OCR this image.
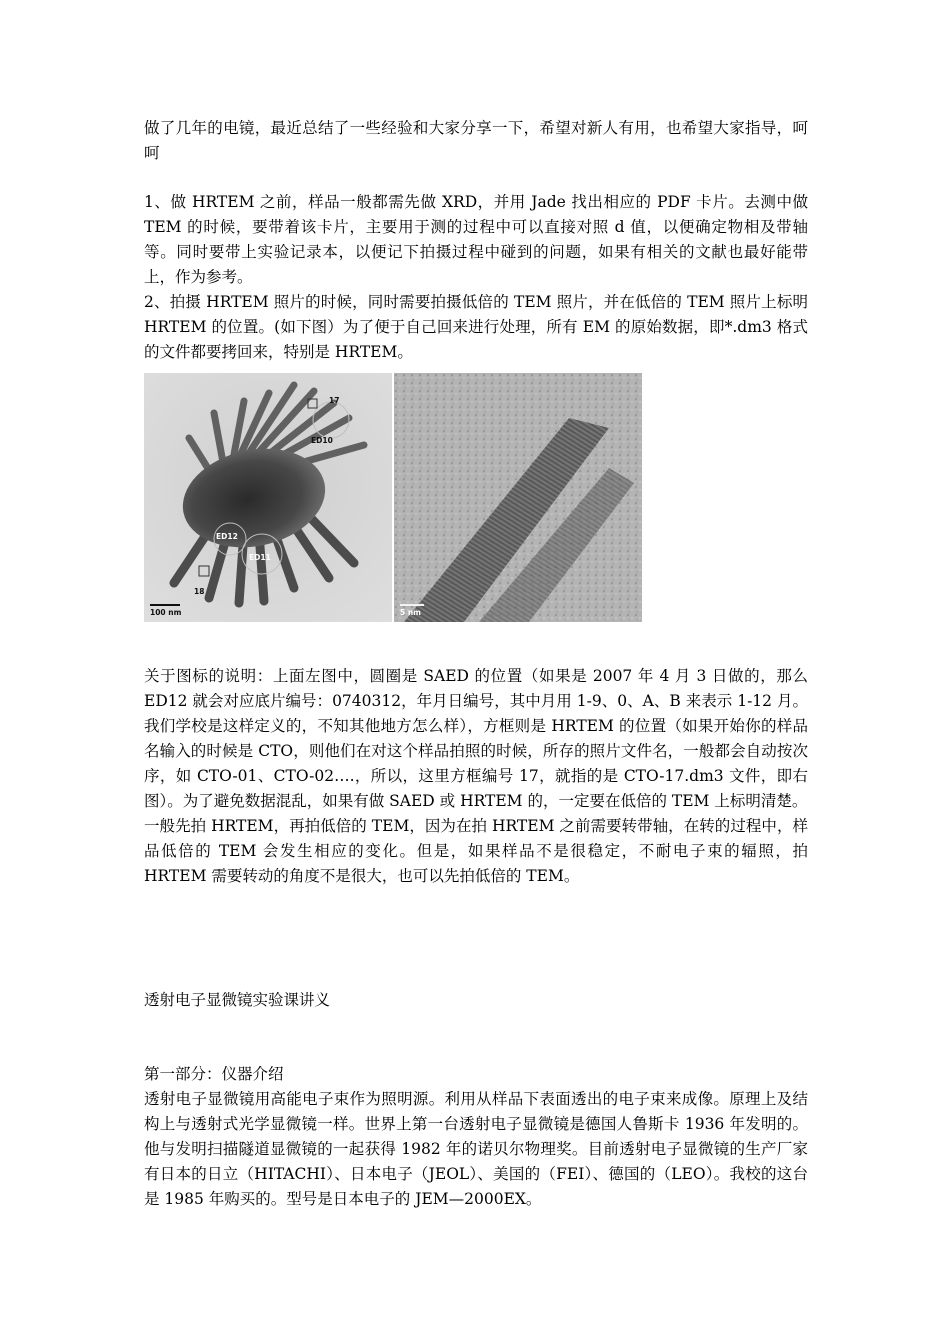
做了几年的电镜，最近总结了一些经验和大家分享一下，希望对新人有用，也希望大家指导，呵呵

1、做 HRTEM 之前，样品一般都需先做 XRD，并用 Jade 找出相应的 PDF 卡片。去测中做 TEM 的时候，要带着该卡片，主要用于测的过程中可以直接对照 d 值，以便确定物相及带轴等。同时要带上实验记录本，以便记下拍摄过程中碰到的问题，如果有相关的文献也最好能带上，作为参考。

2、拍摄 HRTEM 照片的时候，同时需要拍摄低倍的 TEM 照片，并在低倍的 TEM 照片上标明 HRTEM 的位置。(如下图）为了便于自己回来进行处理，所有 EM 的原始数据，即*.dm3 格式的文件都要拷回来，特别是 HRTEM。

17
ED10
ED12
ED11
18
100 nm	5 nm

关于图标的说明：上面左图中，圆圈是 SAED 的位置（如果是 2007 年 4 月 3 日做的，那么 ED12 就会对应底片编号：0740312，年月日编号，其中月用 1-9、0、A、B 来表示 1-12 月。我们学校是这样定义的，不知其他地方怎么样），方框则是 HRTEM 的位置（如果开始你的样品名输入的时候是 CTO，则他们在对这个样品拍照的时候，所存的照片文件名，一般都会自动按次序，如 CTO-01、CTO-02….，所以，这里方框编号 17，就指的是 CTO-17.dm3 文件，即右图）。为了避免数据混乱，如果有做 SAED 或 HRTEM 的，一定要在低倍的 TEM 上标明清楚。

一般先拍 HRTEM，再拍低倍的 TEM，因为在拍 HRTEM 之前需要转带轴，在转的过程中，样品低倍的 TEM 会发生相应的变化。但是，如果样品不是很稳定，不耐电子束的辐照，拍 HRTEM 需要转动的角度不是很大，也可以先拍低倍的 TEM。

透射电子显微镜实验课讲义

第一部分：仪器介绍

透射电子显微镜用高能电子束作为照明源。利用从样品下表面透出的电子束来成像。原理上及结构上与透射式光学显微镜一样。世界上第一台透射电子显微镜是德国人鲁斯卡 1936 年发明的。他与发明扫描隧道显微镜的一起获得 1982 年的诺贝尔物理奖。目前透射电子显微镜的生产厂家有日本的日立（HITACHI）、日本电子（JEOL）、美国的（FEI）、德国的（LEO）。我校的这台是 1985 年购买的。型号是日本电子的 JEM—2000EX。
